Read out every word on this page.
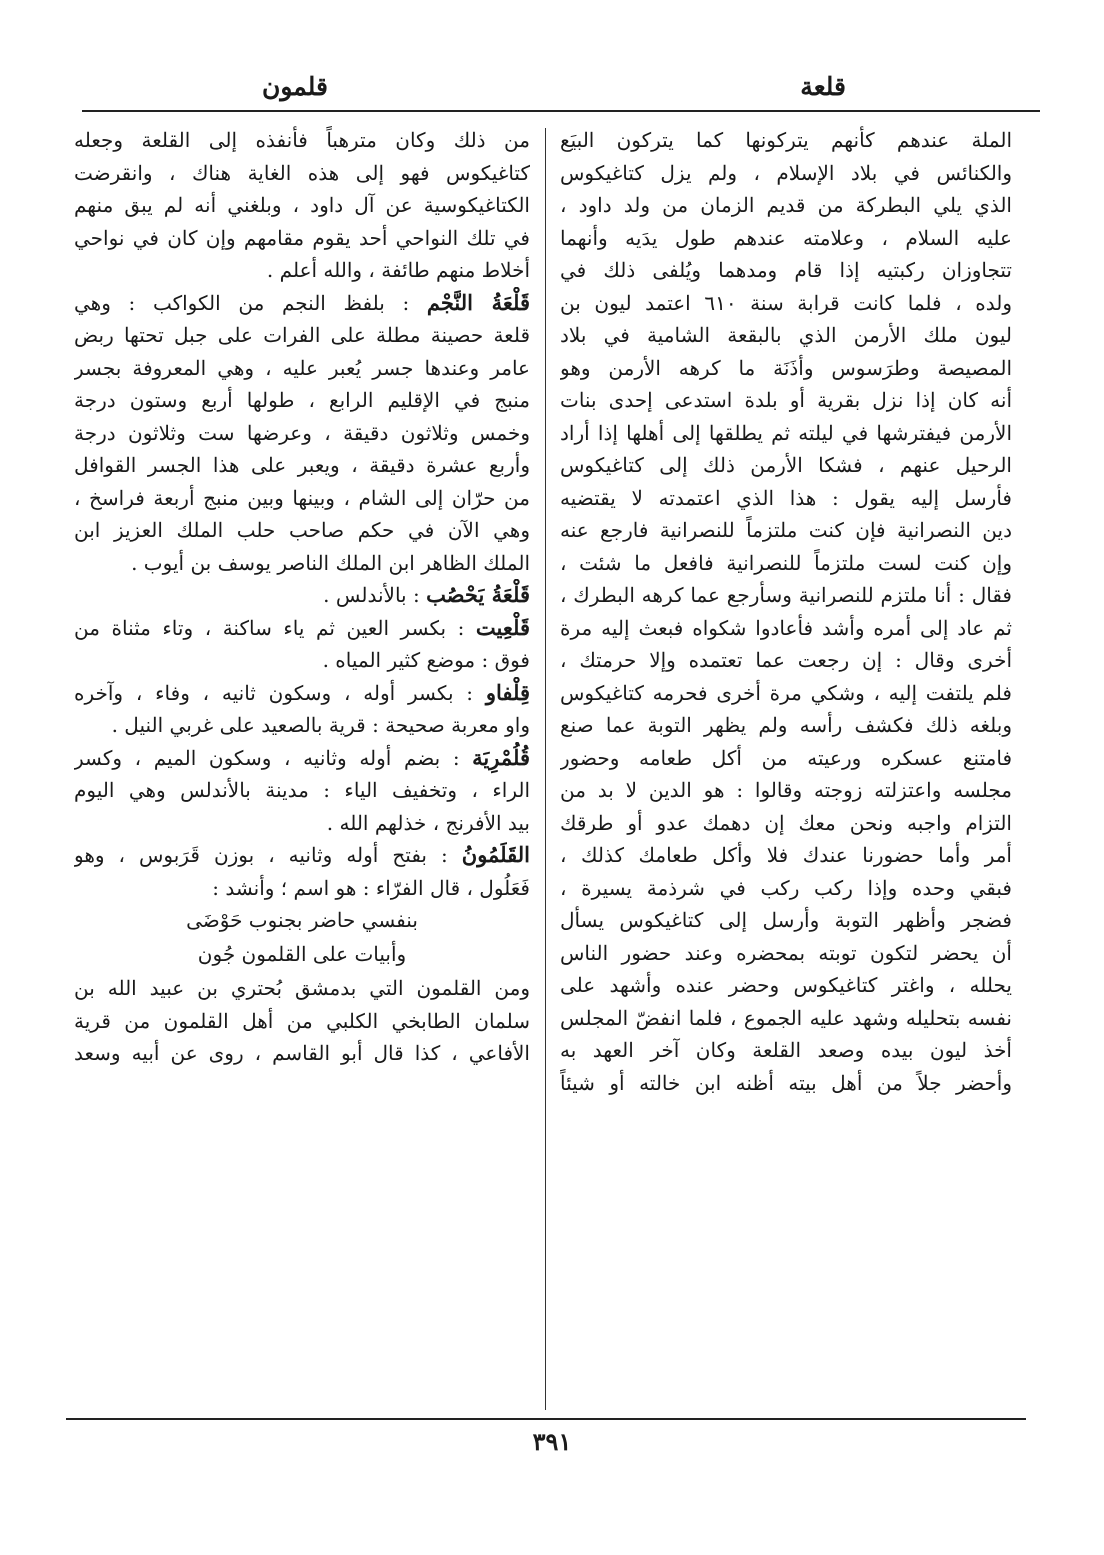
قلعة
قلمون
الملة عندهم كأنهم يتركونها كما يتركون البيَع
والكنائس في بلاد الإسلام ، ولم يزل كتاغيكوس
الذي يلي البطركة من قديم الزمان من ولد داود ،
عليه السلام ، وعلامته عندهم طول يدَيه وأنهما
تتجاوزان ركبتيه إذا قام ومدهما ويُلفى ذلك في
ولده ، فلما كانت قرابة سنة ٦١٠ اعتمد ليون بن
ليون ملك الأرمن الذي بالبقعة الشامية في بلاد
المصيصة وطرَسوس وأذَنَة ما كرهه الأرمن وهو
أنه كان إذا نزل بقرية أو بلدة استدعى إحدى بنات
الأرمن فيفترشها في ليلته ثم يطلقها إلى أهلها إذا أراد
الرحيل عنهم ، فشكا الأرمن ذلك إلى كتاغيكوس
فأرسل إليه يقول : هذا الذي اعتمدته لا يقتضيه
دين النصرانية فإن كنت ملتزماً للنصرانية فارجع عنه
وإن كنت لست ملتزماً للنصرانية فافعل ما شئت ،
فقال : أنا ملتزم للنصرانية وسأرجع عما كرهه البطرك ،
ثم عاد إلى أمره وأشد فأعادوا شكواه فبعث إليه مرة
أخرى وقال : إن رجعت عما تعتمده وإلا حرمتك ،
فلم يلتفت إليه ، وشكي مرة أخرى فحرمه كتاغيكوس
وبلغه ذلك فكشف رأسه ولم يظهر التوبة عما صنع
فامتنع عسكره ورعيته من أكل طعامه وحضور
مجلسه واعتزلته زوجته وقالوا : هو الدين لا بد من
التزام واجبه ونحن معك إن دهمك عدو أو طرقك
أمر وأما حضورنا عندك فلا وأكل طعامك كذلك ،
فبقي وحده وإذا ركب ركب في شرذمة يسيرة ،
فضجر وأظهر التوبة وأرسل إلى كتاغيكوس يسأل
أن يحضر لتكون توبته بمحضره وعند حضور الناس
يحلله ، واغتر كتاغيكوس وحضر عنده وأشهد على
نفسه بتحليله وشهد عليه الجموع ، فلما انفضّ المجلس
أخذ ليون بيده وصعد القلعة وكان آخر العهد به
وأحضر جلاً من أهل بيته أظنه ابن خالته أو شيئاً
من ذلك وكان مترهباً فأنفذه إلى القلعة وجعله
كتاغيكوس فهو إلى هذه الغاية هناك ، وانقرضت
الكتاغيكوسية عن آل داود ، وبلغني أنه لم يبق منهم
في تلك النواحي أحد يقوم مقامهم وإن كان في نواحي
أخلاط منهم طائفة ، والله أعلم .
قَلْعَةُ النَّجْم : بلفظ النجم من الكواكب : وهي
قلعة حصينة مطلة على الفرات على جبل تحتها ربض
عامر وعندها جسر يُعبر عليه ، وهي المعروفة بجسر
منبج في الإقليم الرابع ، طولها أربع وستون درجة
وخمس وثلاثون دقيقة ، وعرضها ست وثلاثون درجة
وأربع عشرة دقيقة ، ويعبر على هذا الجسر القوافل
من حرّان إلى الشام ، وبينها وبين منبج أربعة فراسخ ،
وهي الآن في حكم صاحب حلب الملك العزيز ابن
الملك الظاهر ابن الملك الناصر يوسف بن أيوب .
قَلْعَةُ يَحْصُب : بالأندلس .
قَلْعِيت : بكسر العين ثم ياء ساكنة ، وتاء مثناة من
فوق : موضع كثير المياه .
قِلْفاو : بكسر أوله ، وسكون ثانيه ، وفاء ، وآخره
واو معربة صحيحة : قرية بالصعيد على غربي النيل .
قُلُمْرِيَة : بضم أوله وثانيه ، وسكون الميم ، وكسر
الراء ، وتخفيف الياء : مدينة بالأندلس وهي اليوم
بيد الأفرنج ، خذلهم الله .
القَلَمُونُ : بفتح أوله وثانيه ، بوزن قَرَبوس ، وهو
فَعَلُول ، قال الفرّاء : هو اسم ؛ وأنشد :
بنفسي حاضر بجنوب حَوْضَى
وأبيات على القلمون جُون
ومن القلمون التي بدمشق بُحتري بن عبيد الله بن
سلمان الطابخي الكلبي من أهل القلمون من قرية
الأفاعي ، كذا قال أبو القاسم ، روى عن أبيه وسعد
٣٩١
